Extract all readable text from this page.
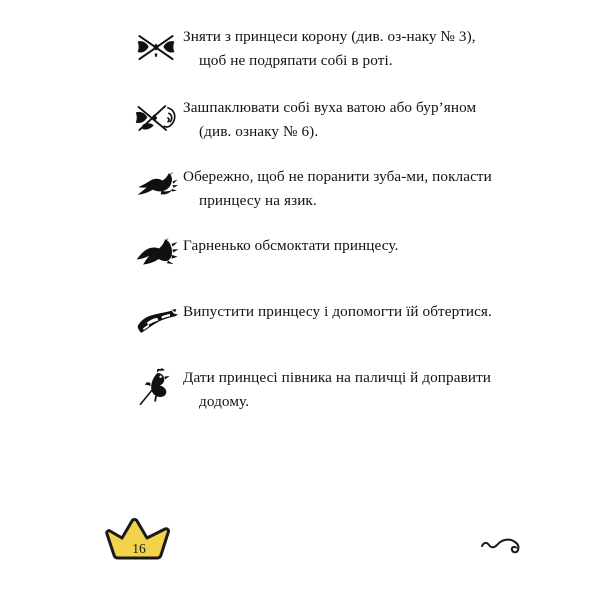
Зняти з принцеси корону (див. оз-наку № 3), щоб не подряпати собі в роті.
Зашпаклювати собі вуха ватою або бур’яном (див. ознаку № 6).
Обережно, щоб не поранити зуба-ми, покласти принцесу на язик.
Гарненько обсмоктати принцесу.
Випустити принцесу і допомогти їй обтертися.
Дати принцесі півника на паличці й доправити додому.
16
